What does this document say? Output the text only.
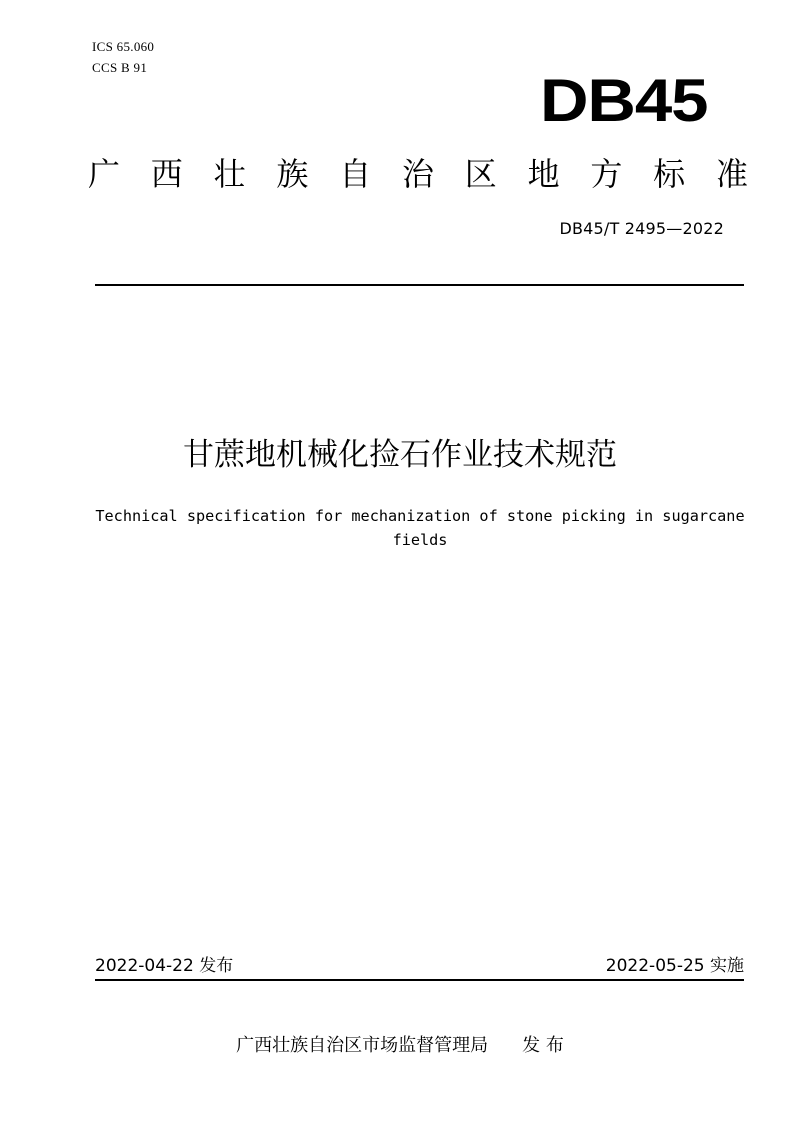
ICS 65.060
CCS B 91	DB45
广 西 壮 族 自 治 区 地 方 标 准
DB45/T 2495—2022
甘蔗地机械化捡石作业技术规范
Technical specification for mechanization of stone picking in sugarcane fields
2022-04-22 发布	2022-05-25 实施
广西壮族自治区市场监督管理局 发 布
